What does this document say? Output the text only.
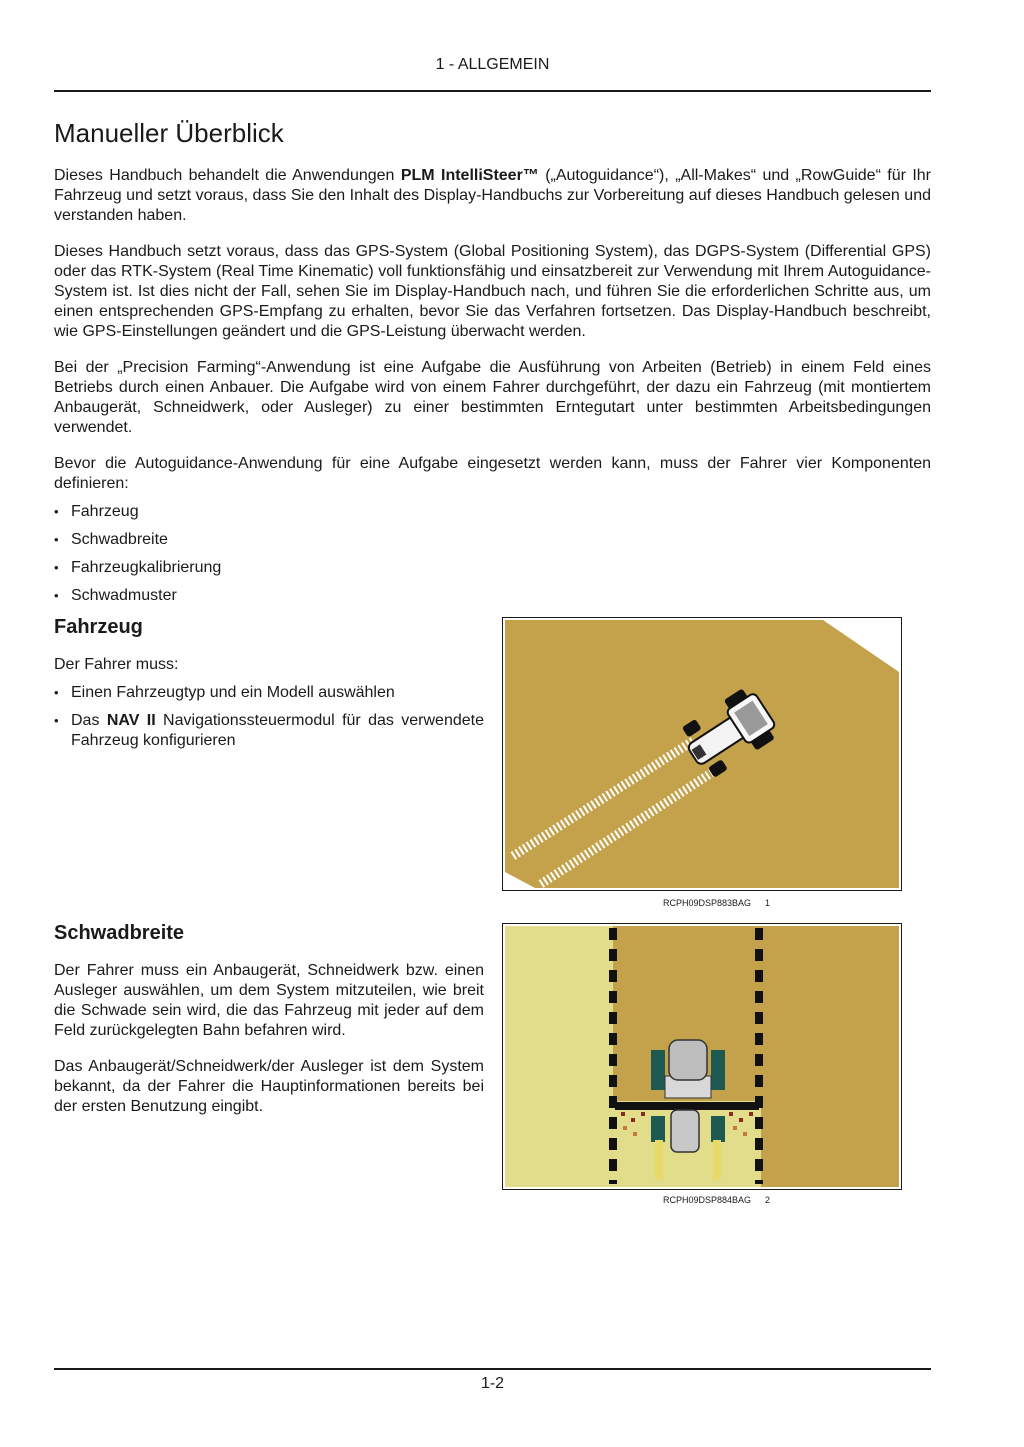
1 - ALLGEMEIN
Manueller Überblick

Dieses Handbuch behandelt die Anwendungen PLM IntelliSteer™ („Autoguidance“), „All-Makes“ und „RowGuide“ für Ihr Fahrzeug und setzt voraus, dass Sie den Inhalt des Display-Handbuchs zur Vorbereitung auf dieses Handbuch gelesen und verstanden haben.

Dieses Handbuch setzt voraus, dass das GPS-System (Global Positioning System), das DGPS-System (Differential GPS) oder das RTK-System (Real Time Kinematic) voll funktionsfähig und einsatzbereit zur Verwendung mit Ihrem Autoguidance-System ist. Ist dies nicht der Fall, sehen Sie im Display-Handbuch nach, und führen Sie die erforderlichen Schritte aus, um einen entsprechenden GPS-Empfang zu erhalten, bevor Sie das Verfahren fortsetzen. Das Display-Handbuch beschreibt, wie GPS-Einstellungen geändert und die GPS-Leistung überwacht werden.

Bei der „Precision Farming“-Anwendung ist eine Aufgabe die Ausführung von Arbeiten (Betrieb) in einem Feld eines Betriebs durch einen Anbauer. Die Aufgabe wird von einem Fahrer durchgeführt, der dazu ein Fahrzeug (mit montiertem Anbaugerät, Schneidwerk, oder Ausleger) zu einer bestimmten Erntegutart unter bestimmten Arbeitsbedingungen verwendet.

Bevor die Autoguidance-Anwendung für eine Aufgabe eingesetzt werden kann, muss der Fahrer vier Komponenten definieren:

• Fahrzeug
• Schwadbreite
• Fahrzeugkalibrierung
• Schwadmuster
Fahrzeug

Der Fahrer muss:

• Einen Fahrzeugtyp und ein Modell auswählen
• Das NAV II Navigationssteuermodul für das verwendete Fahrzeug konfigurieren
RCPH09DSP883BAG 1
Schwadbreite

Der Fahrer muss ein Anbaugerät, Schneidwerk bzw. einen Ausleger auswählen, um dem System mitzuteilen, wie breit die Schwade sein wird, die das Fahrzeug mit jeder auf dem Feld zurückgelegten Bahn befahren wird.

Das Anbaugerät/Schneidwerk/der Ausleger ist dem System bekannt, da der Fahrer die Hauptinformationen bereits bei der ersten Benutzung eingibt.

RCPH09DSP884BAG 2
1-2
